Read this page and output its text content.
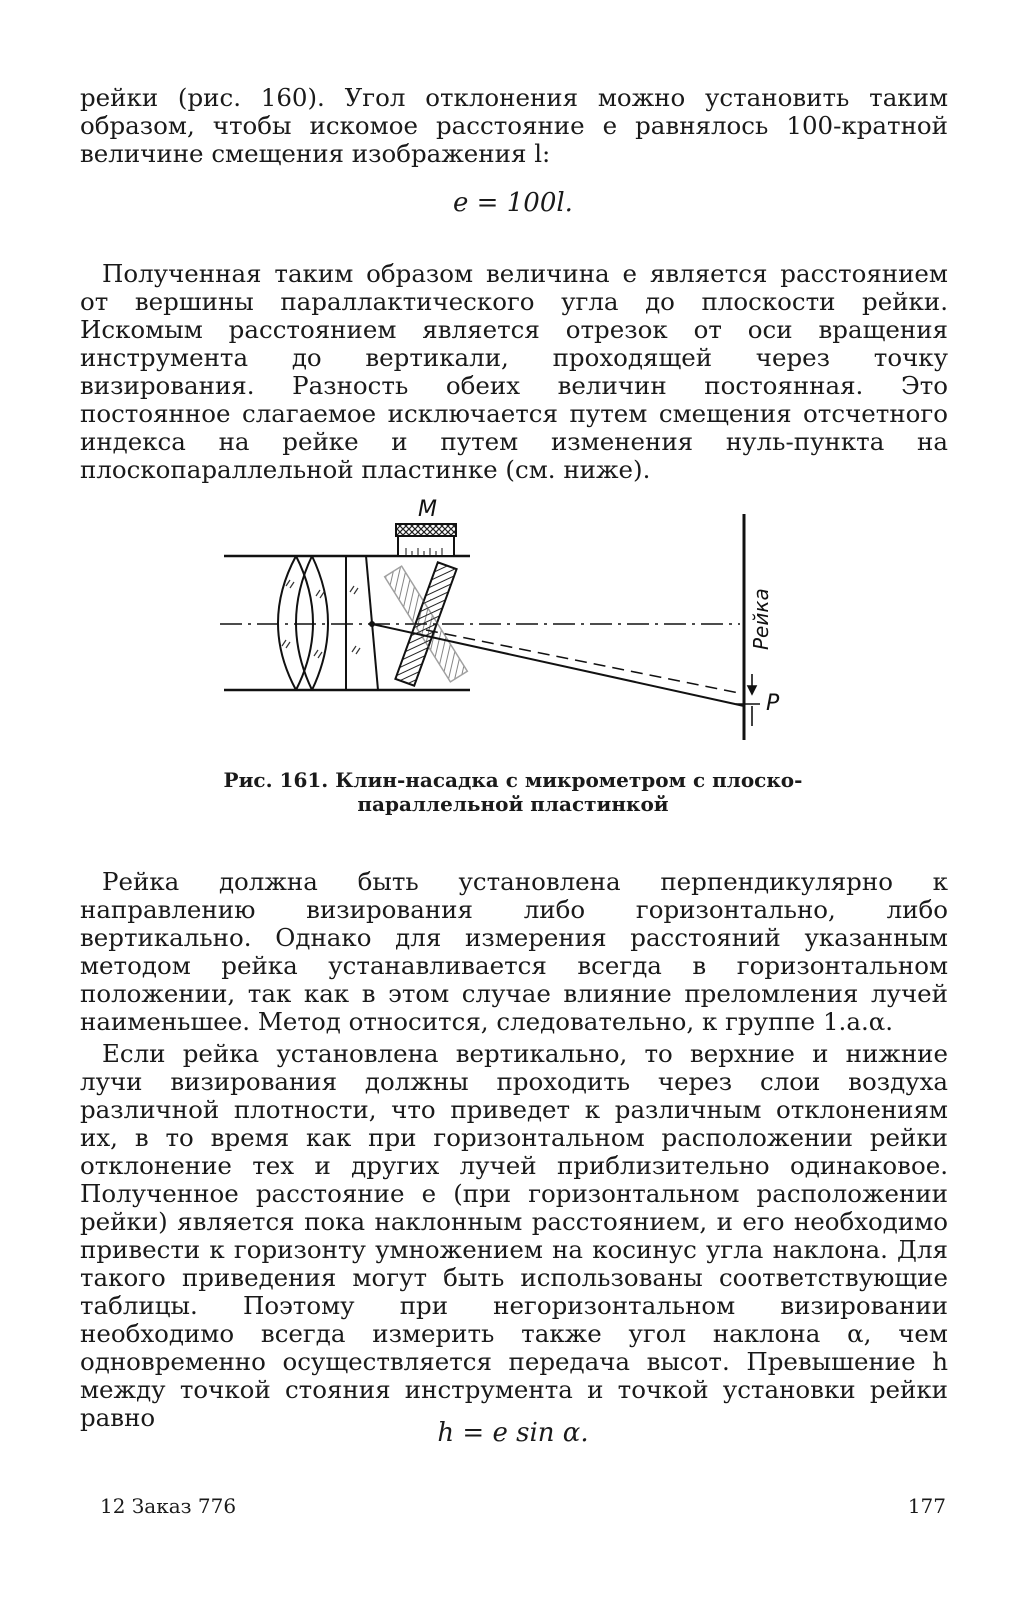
рейки (рис. 160). Угол отклонения можно установить таким образом, чтобы искомое расстояние e равнялось 100-кратной величине смещения изображения l:

e = 100l.

Полученная таким образом величина e является расстоянием от вершины параллактического угла до плоскости рейки. Искомым расстоянием является отрезок от оси вращения инструмента до вертикали, проходящей через точку визирования. Разность обеих величин постоянная. Это постоянное слагаемое исключается путем смещения отсчетного индекса на рейке и путем изменения нуль-пункта на плоскопараллельной пластинке (см. ниже).

M
Рейка
P
Рис. 161. Клин-насадка с микрометром с плоско-
параллельной пластинкой

Рейка должна быть установлена перпендикулярно к направлению визирования либо горизонтально, либо вертикально. Однако для измерения расстояний указанным методом рейка устанавливается всегда в горизонтальном положении, так как в этом случае влияние преломления лучей наименьшее. Метод относится, следовательно, к группе 1.a.α.

Если рейка установлена вертикально, то верхние и нижние лучи визирования должны проходить через слои воздуха различной плотности, что приведет к различным отклонениям их, в то время как при горизонтальном расположении рейки отклонение тех и других лучей приблизительно одинаковое. Полученное расстояние e (при горизонтальном расположении рейки) является пока наклонным расстоянием, и его необходимо привести к горизонту умножением на косинус угла наклона. Для такого приведения могут быть использованы соответствующие таблицы. Поэтому при негоризонтальном визировании необходимо всегда измерить также угол наклона α, чем одновременно осуществляется передача высот. Превышение h между точкой стояния инструмента и точкой установки рейки равно

h = e sin α.
12 Заказ 776	177
